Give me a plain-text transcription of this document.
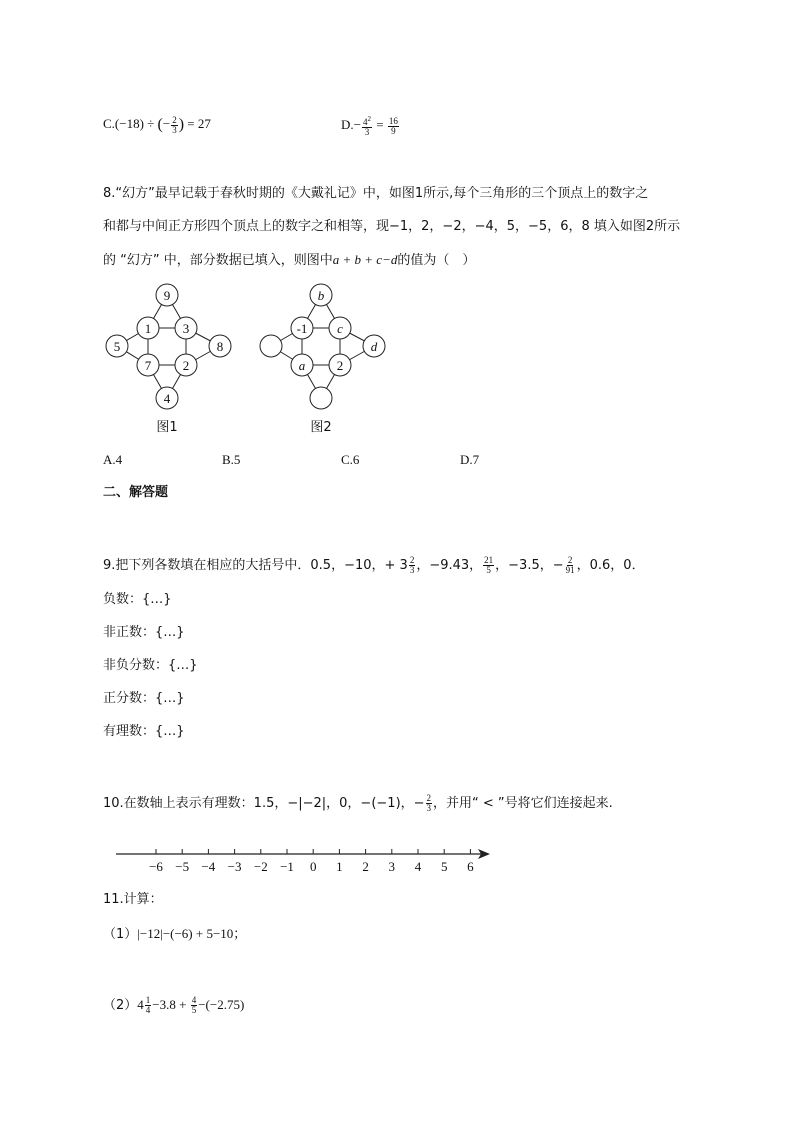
C.(−18) ÷ (− $\frac{2}{3}$ ) = 27	$D.- \frac{4^2}{3} = \frac{16}{9}$
8.“幻方”最早记载于春秋时期的《大戴礼记》中，如图1所示,每个三角形的三个顶点上的数字之
和都与中间正方形四个顶点上的数字之和相等，现−1，2，−2，−4，5，−5，6，8 填入如图2所示
的 “幻方” 中，部分数据已填入，则图中a + b + c−d的值为（　）
9
1 3
5	8
7 2
4
图1
b
-1 c
d
a 2
图2
A.4	B.5	C.6	D.7
二、解答题
9.把下列各数填在相应的大括号中．0.5，−10，+ $3 \frac{2}{3}$ ，−9.43， $\frac{21}{5}$ ，−3.5，− $\frac{2}{91}$ ，0.6，0．
负数：{…}
非正数：{…}
非负分数：{…}
正分数：{…}
有理数：{…}
10.在数轴上表示有理数：1.5，−|−2|，0，−(−1)，− $\frac{2}{3}$ ，并用“ < ”号将它们连接起来.
−6 −5 −4 −3 −2 −1 0 1 2 3 4 5 6
11.计算：
（1）|−12|−(−6) + 5−10；
$(2)4 \frac{1}{4} -3.8 + \frac{4}{5} -(-2.75)$
